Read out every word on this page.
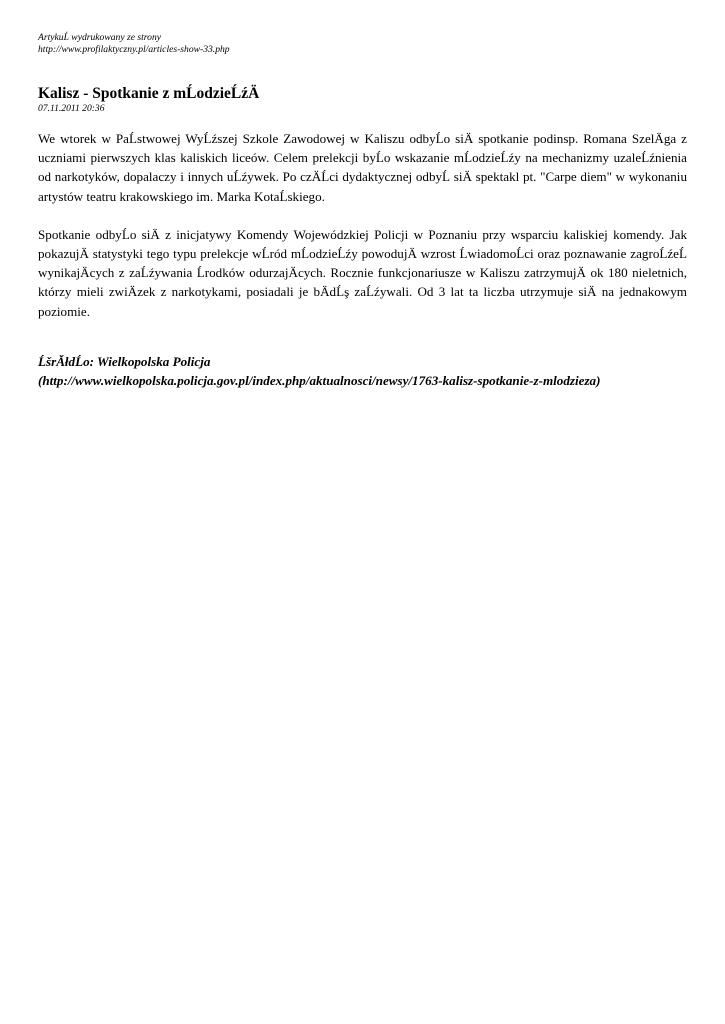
ArtykuĹ wydrukowany ze strony
http://www.profilaktyczny.pl/articles-show-33.php
Kalisz - Spotkanie z mĹodzieĹźÄ
07.11.2011 20:36
We wtorek w PaĹstwowej WyĹźszej Szkole Zawodowej w Kaliszu odbyĹo siÄ spotkanie podinsp. Romana SzelÄga z uczniami pierwszych klas kaliskich liceów. Celem prelekcji byĹo wskazanie mĹodzieĹźy na mechanizmy uzaleĹźnienia od narkotyków, dopalaczy i innych uĹźywek. Po czÄĹci dydaktycznej odbyĹ siÄ spektakl pt. "Carpe diem" w wykonaniu artystów teatru krakowskiego im. Marka KotaĹskiego.
Spotkanie odbyĹo siÄ z inicjatywy Komendy Wojewódzkiej Policji w Poznaniu przy wsparciu kaliskiej komendy. Jak pokazujÄ statystyki tego typu prelekcje wĹród mĹodzieĹźy powodujÄ wzrost ĹwiadomoĹci oraz poznawanie zagroĹźeĹ wynikajÄcych z zaĹźywania Ĺrodków odurzajÄcych. Rocznie funkcjonariusze w Kaliszu zatrzymujÄ ok 180 nieletnich, którzy mieli zwiÄzek z narkotykami, posiadali je bÄdĹş zaĹźywali. Od 3 lat ta liczba utrzymuje siÄ na jednakowym poziomie.
ĹšrĂłdĹo: Wielkopolska Policja
(http://www.wielkopolska.policja.gov.pl/index.php/aktualnosci/newsy/1763-kalisz-spotkanie-z-mlodzieza)
